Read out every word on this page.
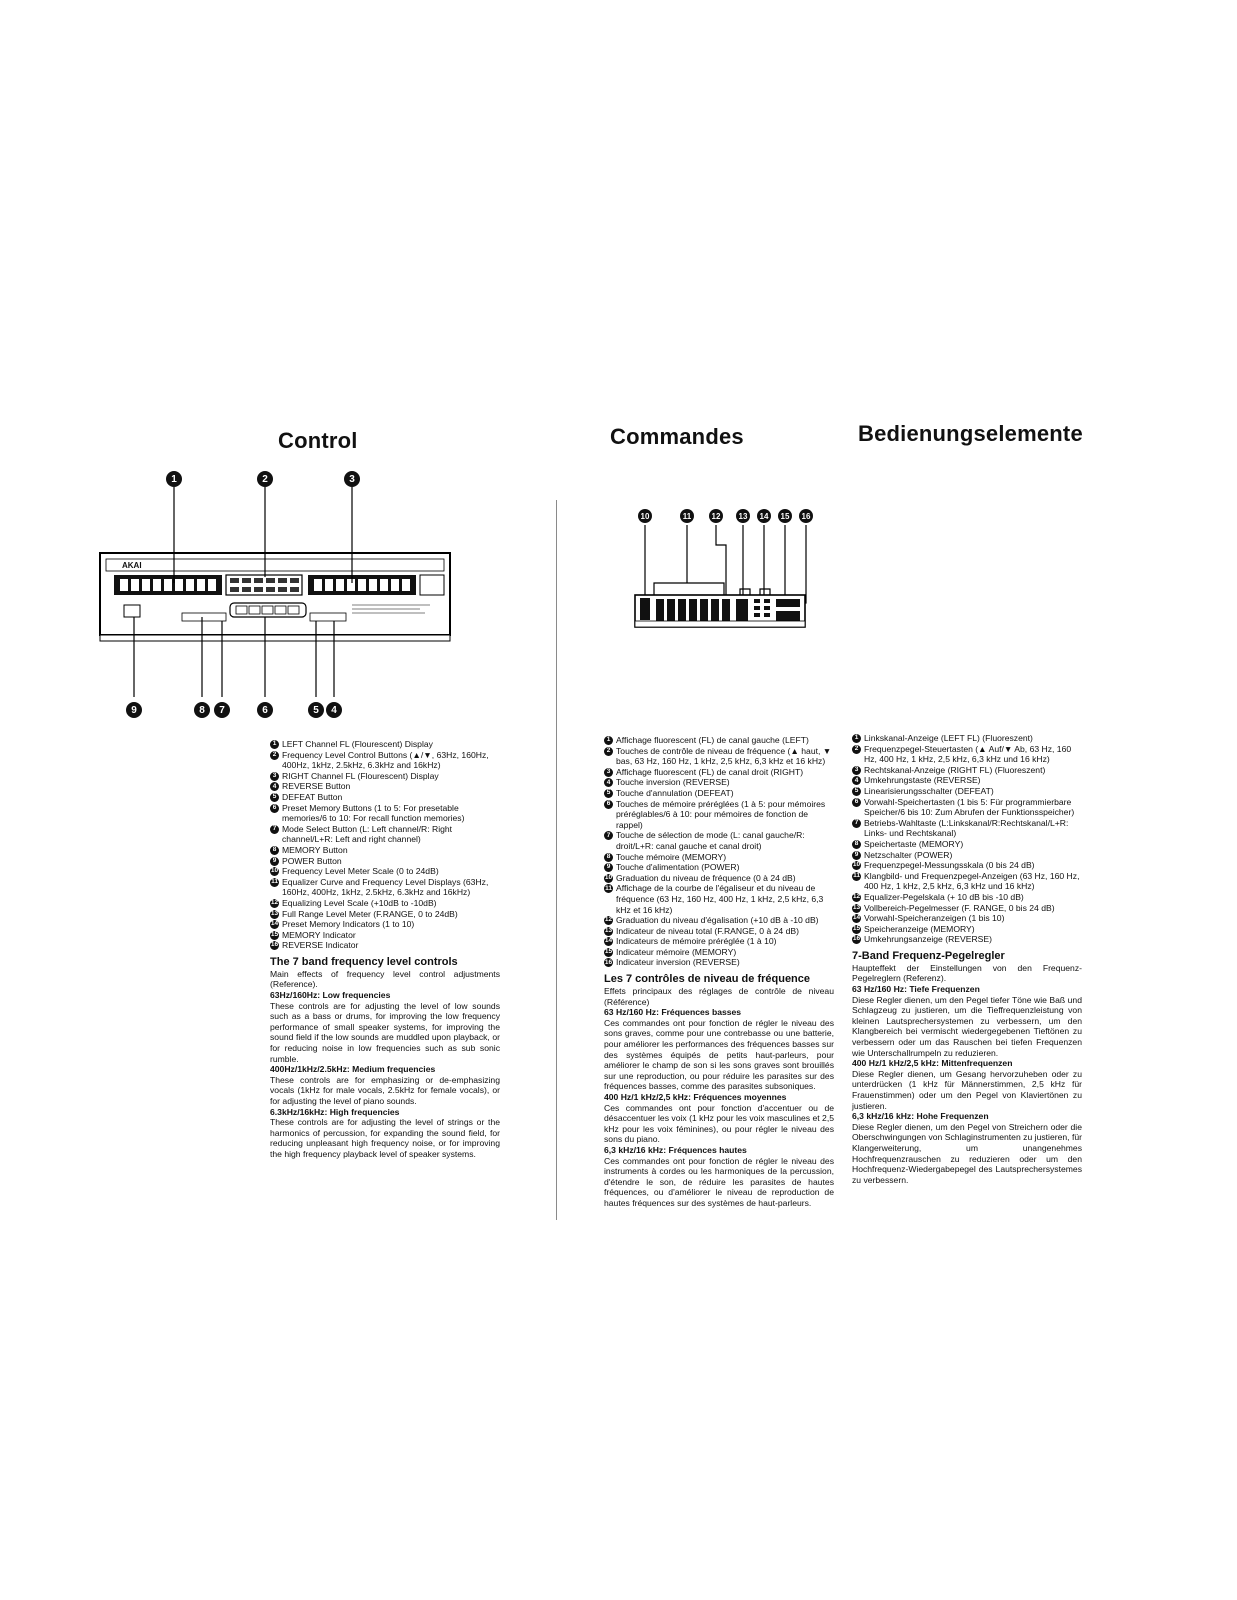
Control	Commandes	Bedienungselemente
AKAI
1	2	3
9	8	7	6	5	4
10	11	12	13	14	15	16
1 LEFT Channel FL (Flourescent) Display
2 Frequency Level Control Buttons (▲/▼, 63Hz, 160Hz, 400Hz, 1kHz, 2.5kHz, 6.3kHz and 16kHz)
3 RIGHT Channel FL (Flourescent) Display
4 REVERSE Button
5 DEFEAT Button
6 Preset Memory Buttons (1 to 5: For presetable memories/6 to 10: For recall function memories)
7 Mode Select Button (L: Left channel/R: Right channel/L+R: Left and right channel)
8 MEMORY Button
9 POWER Button
10 Frequency Level Meter Scale (0 to 24dB)
11 Equalizer Curve and Frequency Level Displays (63Hz, 160Hz, 400Hz, 1kHz, 2.5kHz, 6.3kHz and 16kHz)
12 Equalizing Level Scale (+10dB to -10dB)
13 Full Range Level Meter (F.RANGE, 0 to 24dB)
14 Preset Memory Indicators (1 to 10)
15 MEMORY Indicator
16 REVERSE Indicator
The 7 band frequency level controls

Main effects of frequency level control adjustments (Reference).

63Hz/160Hz: Low frequencies

These controls are for adjusting the level of low sounds such as a bass or drums, for improving the low frequency performance of small speaker systems, for improving the sound field if the low sounds are muddled upon playback, or for reducing noise in low frequencies such as sub sonic rumble.

400Hz/1kHz/2.5kHz: Medium frequencies

These controls are for emphasizing or de-emphasizing vocals (1kHz for male vocals, 2.5kHz for female vocals), or for adjusting the level of piano sounds.

6.3kHz/16kHz: High frequencies

These controls are for adjusting the level of strings or the harmonics of percussion, for expanding the sound field, for reducing unpleasant high frequency noise, or for improving the high frequency playback level of speaker systems.

1 Affichage fluorescent (FL) de canal gauche (LEFT)
2 Touches de contrôle de niveau de fréquence (▲ haut, ▼ bas, 63 Hz, 160 Hz, 1 kHz, 2,5 kHz, 6,3 kHz et 16 kHz)
3 Affichage fluorescent (FL) de canal droit (RIGHT)
4 Touche inversion (REVERSE)
5 Touche d'annulation (DEFEAT)
6 Touches de mémoire préréglées (1 à 5: pour mémoires préréglables/6 à 10: pour mémoires de fonction de rappel)
7 Touche de sélection de mode (L: canal gauche/R: droit/L+R: canal gauche et canal droit)
8 Touche mémoire (MEMORY)
9 Touche d'alimentation (POWER)
10 Graduation du niveau de fréquence (0 à 24 dB)
11 Affichage de la courbe de l'égaliseur et du niveau de fréquence (63 Hz, 160 Hz, 400 Hz, 1 kHz, 2,5 kHz, 6,3 kHz et 16 kHz)
12 Graduation du niveau d'égalisation (+10 dB à -10 dB)
13 Indicateur de niveau total (F.RANGE, 0 à 24 dB)
14 Indicateurs de mémoire préréglée (1 à 10)
15 Indicateur mémoire (MEMORY)
16 Indicateur inversion (REVERSE)
Les 7 contrôles de niveau de fréquence

Effets principaux des réglages de contrôle de niveau (Référence)

63 Hz/160 Hz: Fréquences basses

Ces commandes ont pour fonction de régler le niveau des sons graves, comme pour une contrebasse ou une batterie, pour améliorer les performances des fréquences basses sur des systèmes équipés de petits haut-parleurs, pour améliorer le champ de son si les sons graves sont brouillés sur une reproduction, ou pour réduire les parasites sur des fréquences basses, comme des parasites subsoniques.

400 Hz/1 kHz/2,5 kHz: Fréquences moyennes

Ces commandes ont pour fonction d'accentuer ou de désaccentuer les voix (1 kHz pour les voix masculines et 2,5 kHz pour les voix féminines), ou pour régler le niveau des sons du piano.

6,3 kHz/16 kHz: Fréquences hautes

Ces commandes ont pour fonction de régler le niveau des instruments à cordes ou les harmoniques de la percussion, d'étendre le son, de réduire les parasites de hautes fréquences, ou d'améliorer le niveau de reproduction de hautes fréquences sur des systèmes de haut-parleurs.

1 Linkskanal-Anzeige (LEFT FL) (Fluoreszent)
2 Frequenzpegel-Steuertasten (▲ Auf/▼ Ab, 63 Hz, 160 Hz, 400 Hz, 1 kHz, 2,5 kHz, 6,3 kHz und 16 kHz)
3 Rechtskanal-Anzeige (RIGHT FL) (Fluoreszent)
4 Umkehrungstaste (REVERSE)
5 Linearisierungsschalter (DEFEAT)
6 Vorwahl-Speichertasten (1 bis 5: Für programmierbare Speicher/6 bis 10: Zum Abrufen der Funktionsspeicher)
7 Betriebs-Wahltaste (L:Linkskanal/R:Rechtskanal/L+R: Links- und Rechtskanal)
8 Speichertaste (MEMORY)
9 Netzschalter (POWER)
10 Frequenzpegel-Messungsskala (0 bis 24 dB)
11 Klangbild- und Frequenzpegel-Anzeigen (63 Hz, 160 Hz, 400 Hz, 1 kHz, 2,5 kHz, 6,3 kHz und 16 kHz)
12 Equalizer-Pegelskala (+ 10 dB bis -10 dB)
13 Vollbereich-Pegelmesser (F. RANGE, 0 bis 24 dB)
14 Vorwahl-Speicheranzeigen (1 bis 10)
15 Speicheranzeige (MEMORY)
16 Umkehrungsanzeige (REVERSE)
7-Band Frequenz-Pegelregler

Haupteffekt der Einstellungen von den Frequenz-Pegelreglern (Referenz).

63 Hz/160 Hz: Tiefe Frequenzen

Diese Regler dienen, um den Pegel tiefer Töne wie Baß und Schlagzeug zu justieren, um die Tieffrequenzleistung von kleinen Lautsprechersystemen zu verbessern, um den Klangbereich bei vermischt wiedergegebenen Tieftönen zu verbessern oder um das Rauschen bei tiefen Frequenzen wie Unterschallrumpeln zu reduzieren.

400 Hz/1 kHz/2,5 kHz: Mittenfrequenzen

Diese Regler dienen, um Gesang hervorzuheben oder zu unterdrücken (1 kHz für Männerstimmen, 2,5 kHz für Frauenstimmen) oder um den Pegel von Klaviertönen zu justieren.

6,3 kHz/16 kHz: Hohe Frequenzen

Diese Regler dienen, um den Pegel von Streichern oder die Oberschwingungen von Schlaginstrumenten zu justieren, für Klangerweiterung, um unangenehmes Hochfrequenzrauschen zu reduzieren oder um den Hochfrequenz-Wiedergabepegel des Lautsprechersystemes zu verbessern.
